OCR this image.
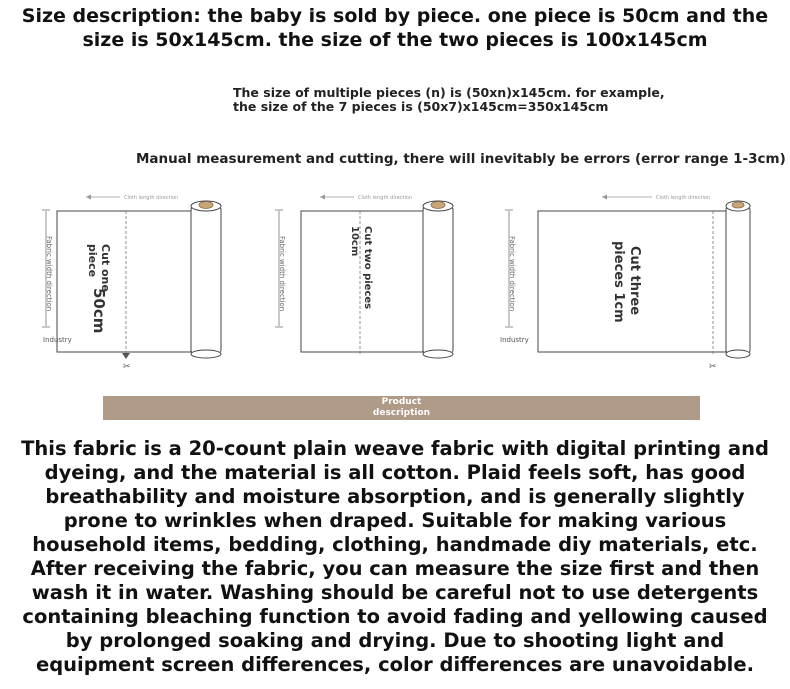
Size description: the baby is sold by piece. one piece is 50cm and the size is 50x145cm. the size of the two pieces is 100x145cm
The size of multiple pieces (n) is (50xn)x145cm. for example,
the size of the 7 pieces is (50x7)x145cm=350x145cm
Manual measurement and cutting, there will inevitably be errors (error range 1-3cm)
Cloth length direction
Fabric width direction
✂
Cut one
piece
50cm
Industry
Cloth length direction
Fabric width direction	Cut two pieces
10cm
Cloth length direction
Fabric width direction
✂
Cut three
pieces 1cm
Industry
Product
description
This fabric is a 20-count plain weave fabric with digital printing and dyeing, and the material is all cotton. Plaid feels soft, has good breathability and moisture absorption, and is generally slightly prone to wrinkles when draped. Suitable for making various household items, bedding, clothing, handmade diy materials, etc. After receiving the fabric, you can measure the size first and then wash it in water. Washing should be careful not to use detergents containing bleaching function to avoid fading and yellowing caused by prolonged soaking and drying. Due to shooting light and equipment screen differences, color differences are unavoidable.
